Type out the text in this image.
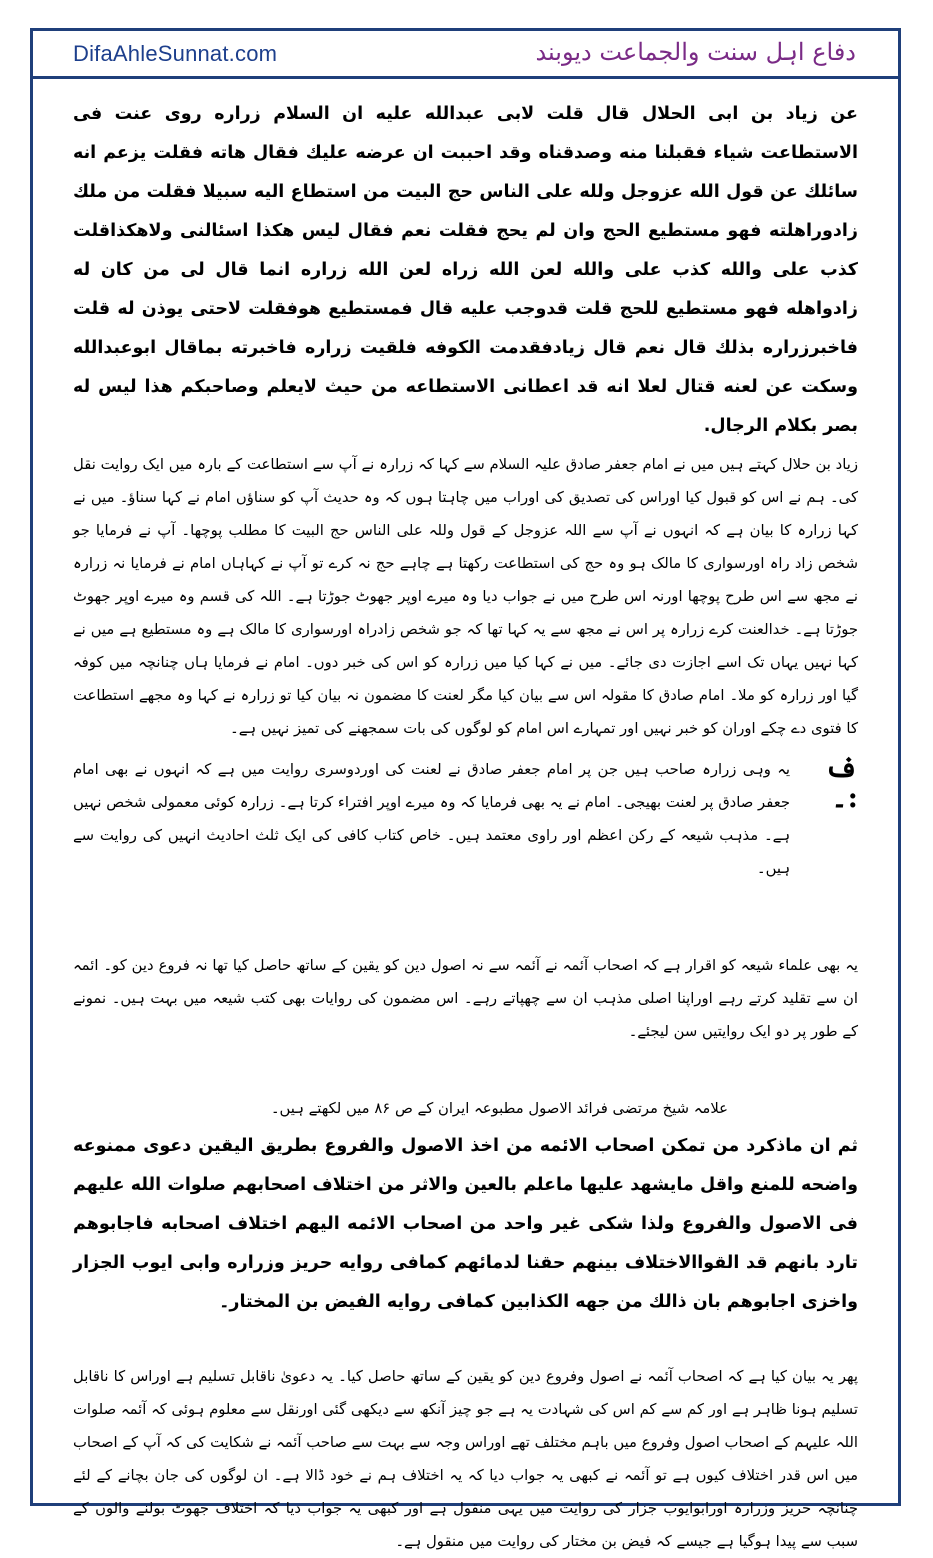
DifaAhleSunnat.com	دفاع اہل سنت والجماعت دیوبند

عن زياد بن ابى الحلال قال قلت لابى عبدالله عليه ان السلام زراره روى عنت فى الاستطاعت شياء فقبلنا منه وصدقناه وقد احببت ان عرضه عليك فقال هاته فقلت يزعم انه سائلك عن قول الله عزوجل ولله على الناس حج البيت من استطاع اليه سبيلا فقلت من ملك زادوراهلته فهو مستطيع الحج وان لم يحج فقلت نعم فقال ليس هكذا اسئالنى ولاهكذاقلت كذب على والله كذب على والله لعن الله زراه لعن الله زراره انما قال لى من كان له زادواهله فهو مستطيع للحج قلت قدوجب عليه قال فمستطيع هوفقلت لاحتى يوذن له قلت فاخبرزراره بذلك قال نعم قال زيادفقدمت الكوفه فلقيت زراره فاخبرته بماقال ابوعبدالله وسكت عن لعنه قتال لعلا انه قد اعطانى الاستطاعه من حيث لايعلم وصاحبكم هذا ليس له بصر بكلام الرجال.

زیاد بن حلال کہتے ہیں میں نے امام جعفر صادق علیہ السلام سے کہا کہ زرارہ نے آپ سے استطاعت کے بارہ میں ایک روایت نقل کی۔ ہم نے اس کو قبول کیا اوراس کی تصدیق کی اوراب میں چاہتا ہوں کہ وہ حدیث آپ کو سناؤں امام نے کہا سناؤ۔ میں نے کہا زرارہ کا بیان ہے کہ انہوں نے آپ سے اللہ عزوجل کے قول وللہ علی الناس حج البیت کا مطلب پوچھا۔ آپ نے فرمایا جو شخص زاد راہ اورسواری کا مالک ہو وہ حج کی استطاعت رکھتا ہے چاہے حج نہ کرے تو آپ نے کہاہاں امام نے فرمایا نہ زرارہ نے مجھ سے اس طرح پوچھا اورنہ اس طرح میں نے جواب دیا وہ میرے اوپر جھوٹ جوڑتا ہے۔ اللہ کی قسم وہ میرے اوپر جھوٹ جوڑتا ہے۔ خدالعنت کرے زرارہ پر اس نے مجھ سے یہ کہا تھا کہ جو شخص زادراہ اورسواری کا مالک ہے وہ مستطیع ہے میں نے کہا نہیں یہاں تک اسے اجازت دی جائے۔ میں نے کہا کیا میں زرارہ کو اس کی خبر دوں۔ امام نے فرمایا ہاں چنانچہ میں کوفہ گیا اور زرارہ کو ملا۔ امام صادق کا مقولہ اس سے بیان کیا مگر لعنت کا مضمون نہ بیان کیا تو زرارہ نے کہا وہ مجھے استطاعت کا فتوی دے چکے اوران کو خبر نہیں اور تمہارے اس امام کو لوگوں کی بات سمجھنے کی تمیز نہیں ہے۔

ف :۔

یہ وہی زرارہ صاحب ہیں جن پر امام جعفر صادق نے لعنت کی اوردوسری روایت میں ہے کہ انہوں نے بھی امام جعفر صادق پر لعنت بھیجی۔ امام نے یہ بھی فرمایا کہ وہ میرے اوپر افتراء کرتا ہے۔ زرارہ کوئی معمولی شخص نہیں ہے۔ مذہب شیعہ کے رکن اعظم اور راوی معتمد ہیں۔ خاص کتاب کافی کی ایک ثلث احادیث انہیں کی روایت سے ہیں۔

یہ بھی علماء شیعہ کو اقرار ہے کہ اصحاب آئمہ نے آئمہ سے نہ اصول دین کو یقین کے ساتھ حاصل کیا تھا نہ فروع دین کو۔ ائمہ ان سے تقلید کرتے رہے اوراپنا اصلی مذہب ان سے چھپاتے رہے۔ اس مضمون کی روایات بھی کتب شیعہ میں بہت ہیں۔ نمونے کے طور پر دو ایک روایتیں سن لیجئے۔

علامہ شیخ مرتضی فرائد الاصول مطبوعہ ایران کے ص ۸۶ میں لکھتے ہیں۔

ثم ان ماذكرد من تمكن اصحاب الائمه من اخذ الاصول والفروع بطريق اليقين دعوى ممنوعه واضحه للمنع واقل مايشهد عليها ماعلم بالعين والاثر من اختلاف اصحابهم صلوات الله عليهم فى الاصول والفروع ولذا شكى غير واحد من اصحاب الائمه اليهم اختلاف اصحابه فاجابوهم تارد بانهم قد القواالاختلاف بينهم حقنا لدمائهم كمافى روايه حريز وزراره وابى ايوب الجزار واخزى اجابوهم بان ذالك من جهه الكذابين كمافى روايه الفيض بن المختار۔

پھر یہ بیان کیا ہے کہ اصحاب آئمہ نے اصول وفروع دین کو یقین کے ساتھ حاصل کیا۔ یہ دعویٰ ناقابل تسلیم ہے اوراس کا ناقابل تسلیم ہونا ظاہر ہے اور کم سے کم اس کی شہادت یہ ہے جو چیز آنکھ سے دیکھی گئی اورنقل سے معلوم ہوئی کہ آئمہ صلوات اللہ علیہم کے اصحاب اصول وفروع میں باہم مختلف تھے اوراس وجہ سے بہت سے صاحب آئمہ نے شکایت کی کہ آپ کے اصحاب میں اس قدر اختلاف کیوں ہے تو آئمہ نے کبھی یہ جواب دیا کہ یہ اختلاف ہم نے خود ڈالا ہے۔ ان لوگوں کی جان بچانے کے لئے چنانچہ حریز وزرارہ اورابوایوب جزار کی روایت میں یہی منقول ہے اور کبھی یہ جواب دیا کہ اختلاف جھوٹ بولنے والوں کے سبب سے پیدا ہوگیا ہے جیسے کہ فیض بن مختار کی روایت میں منقول ہے۔
